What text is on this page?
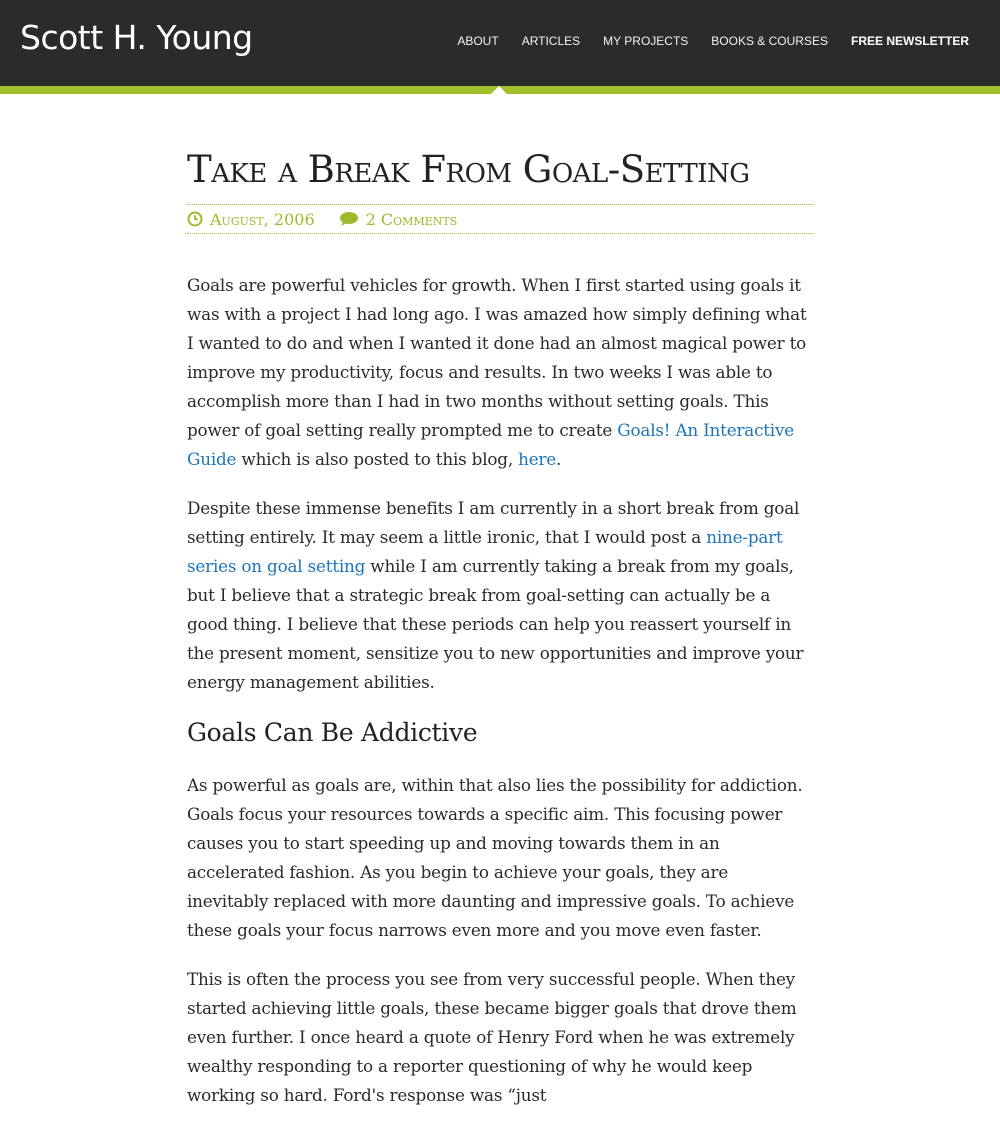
Scott H. Young	ABOUT ARTICLES MY PROJECTS BOOKS & COURSES FREE NEWSLETTER
Take a Break From Goal-Setting
August, 2006	2 Comments

Goals are powerful vehicles for growth. When I first started using goals it was with a project I had long ago. I was amazed how simply defining what I wanted to do and when I wanted it done had an almost magical power to improve my productivity, focus and results. In two weeks I was able to accomplish more than I had in two months without setting goals. This power of goal setting really prompted me to create Goals! An Interactive Guide which is also posted to this blog, here.

Despite these immense benefits I am currently in a short break from goal setting entirely. It may seem a little ironic, that I would post a nine-part series on goal setting while I am currently taking a break from my goals, but I believe that a strategic break from goal-setting can actually be a good thing. I believe that these periods can help you reassert yourself in the present moment, sensitize you to new opportunities and improve your energy management abilities.

Goals Can Be Addictive

As powerful as goals are, within that also lies the possibility for addiction. Goals focus your resources towards a specific aim. This focusing power causes you to start speeding up and moving towards them in an accelerated fashion. As you begin to achieve your goals, they are inevitably replaced with more daunting and impressive goals. To achieve these goals your focus narrows even more and you move even faster.

This is often the process you see from very successful people. When they started achieving little goals, these became bigger goals that drove them even further. I once heard a quote of Henry Ford when he was extremely wealthy responding to a reporter questioning of why he would keep working so hard. Ford's response was “just
